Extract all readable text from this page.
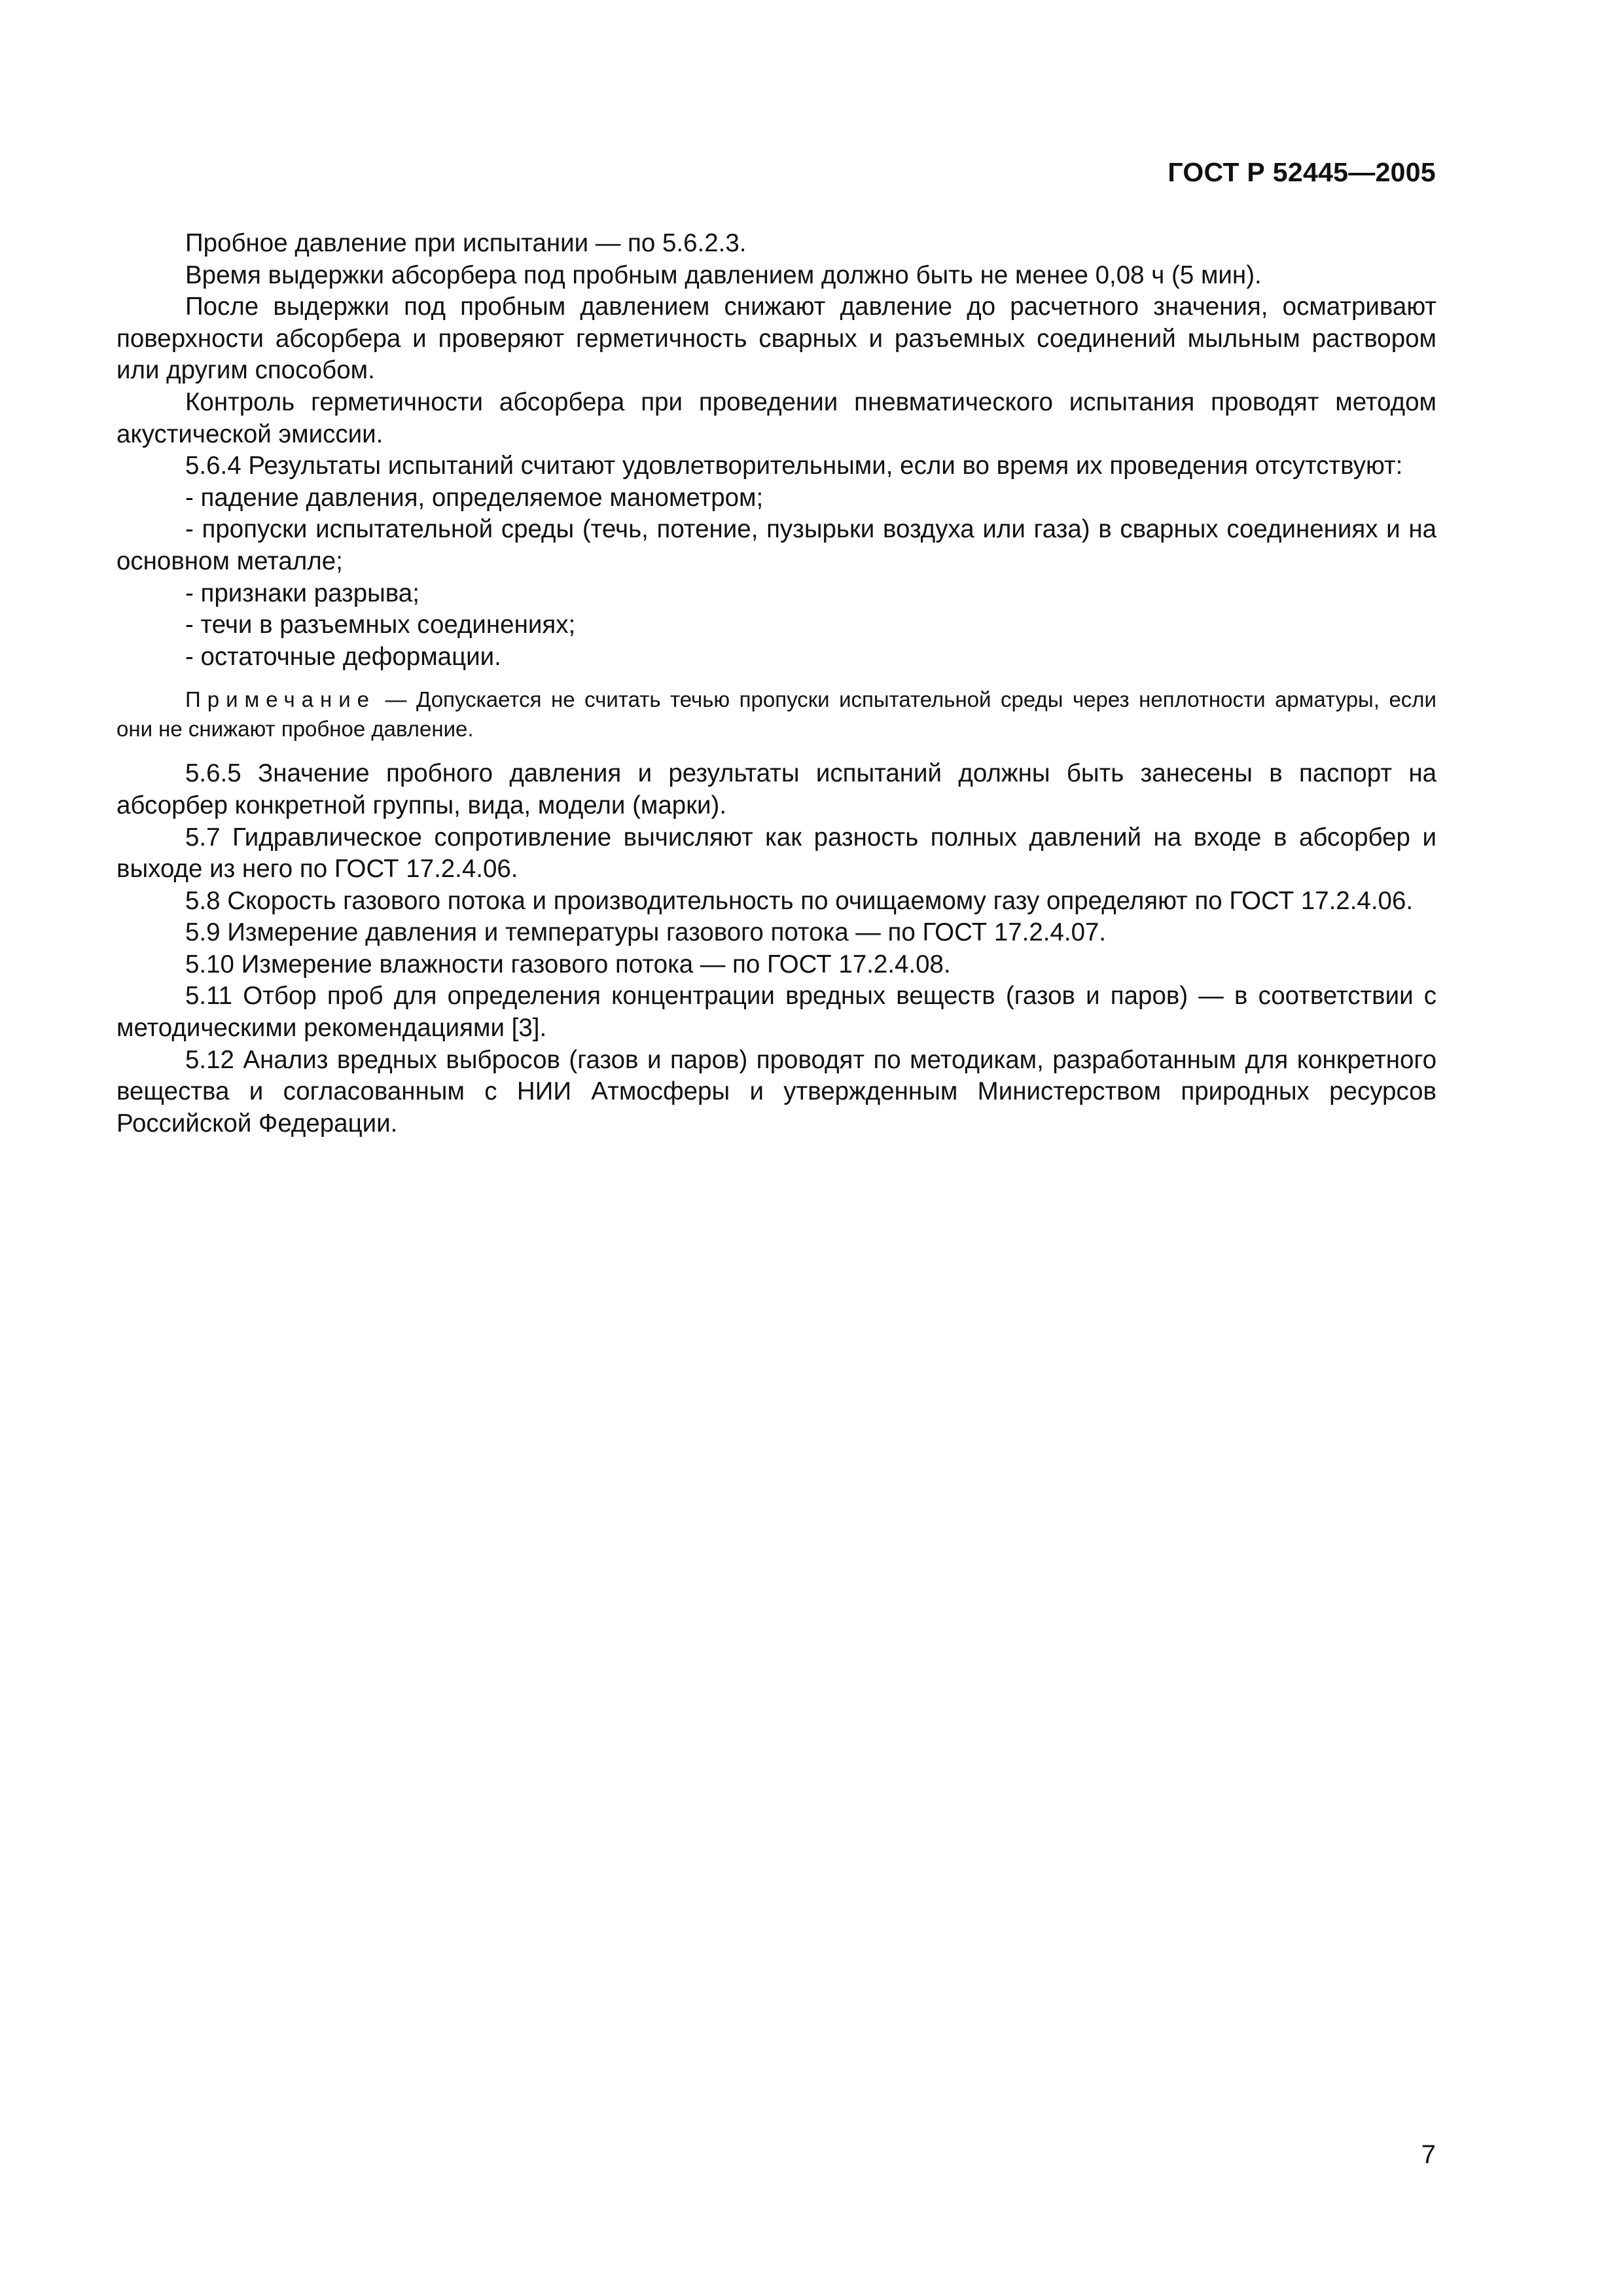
ГОСТ Р 52445—2005

Пробное давление при испытании — по 5.6.2.3.

Время выдержки абсорбера под пробным давлением должно быть не менее 0,08 ч (5 мин).

После выдержки под пробным давлением снижают давление до расчетного значения, осматривают поверхности абсорбера и проверяют герметичность сварных и разъемных соединений мыльным раствором или другим способом.

Контроль герметичности абсорбера при проведении пневматического испытания проводят методом акустической эмиссии.

5.6.4 Результаты испытаний считают удовлетворительными, если во время их проведения отсутствуют:

- падение давления, определяемое манометром;

- пропуски испытательной среды (течь, потение, пузырьки воздуха или газа) в сварных соединениях и на основном металле;

- признаки разрыва;

- течи в разъемных соединениях;

- остаточные деформации.

Примечание — Допускается не считать течью пропуски испытательной среды через неплотности арматуры, если они не снижают пробное давление.

5.6.5 Значение пробного давления и результаты испытаний должны быть занесены в паспорт на абсорбер конкретной группы, вида, модели (марки).

5.7 Гидравлическое сопротивление вычисляют как разность полных давлений на входе в абсорбер и выходе из него по ГОСТ 17.2.4.06.

5.8 Скорость газового потока и производительность по очищаемому газу определяют по ГОСТ 17.2.4.06.

5.9 Измерение давления и температуры газового потока — по ГОСТ 17.2.4.07.

5.10 Измерение влажности газового потока — по ГОСТ 17.2.4.08.

5.11 Отбор проб для определения концентрации вредных веществ (газов и паров) — в соответствии с методическими рекомендациями [3].

5.12 Анализ вредных выбросов (газов и паров) проводят по методикам, разработанным для конкретного вещества и согласованным с НИИ Атмосферы и утвержденным Министерством природных ресурсов Российской Федерации.

7
